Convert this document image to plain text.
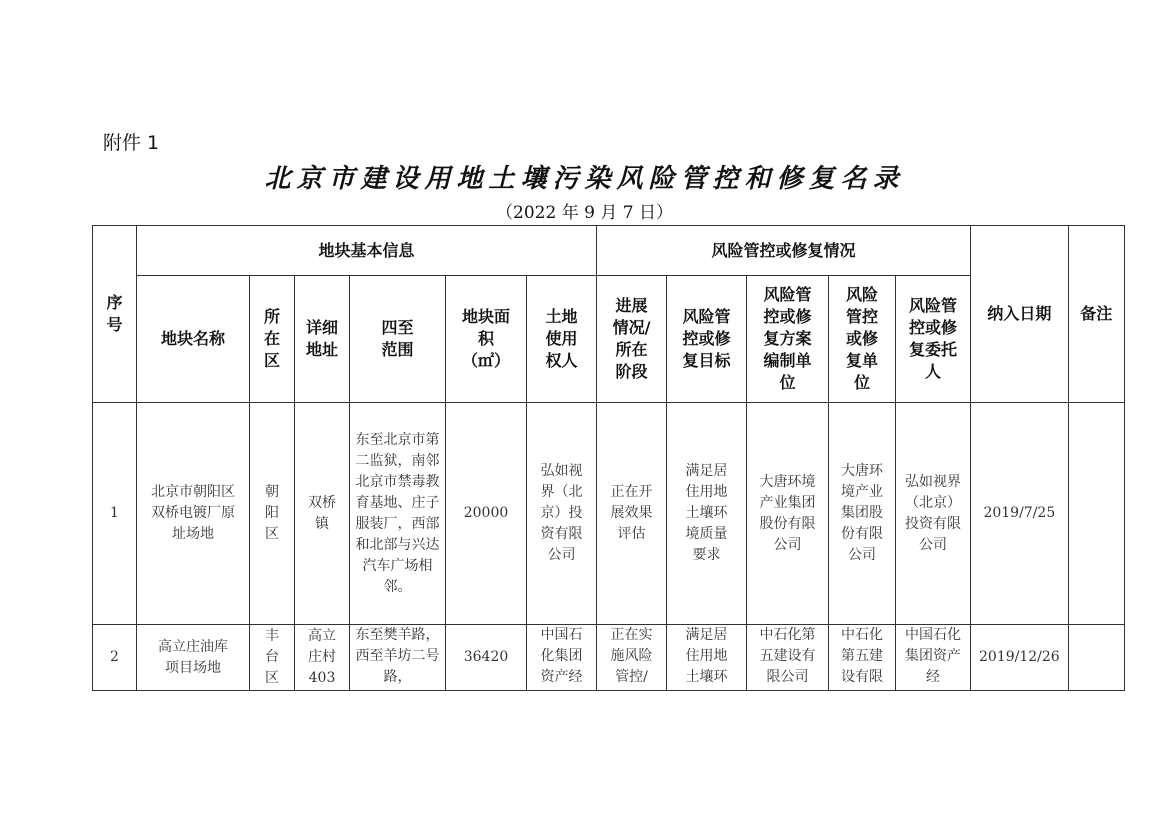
附件 1
北京市建设用地土壤污染风险管控和修复名录
（2022 年 9 月 7 日）
序号	地块基本信息						风险管控或修复情况					纳入日期	备注
	地块名称	所在区	详细地址	四至范围	地块面积（㎡）	土地使用权人	进展情况/所在阶段	风险管控或修复目标	风险管控或修复方案编制单位	风险管控或修复单位	风险管控或修复委托人		
1	北京市朝阳区双桥电镀厂原址场地	朝阳区	双桥镇	东至北京市第二监狱，南邻北京市禁毒教育基地、庄子服装厂，西部和北部与兴达汽车广场相邻。	20000	弘如视界（北京）投资有限公司	正在开展效果评估	满足居住用地土壤环境质量要求	大唐环境产业集团股份有限公司	大唐环境产业集团股份有限公司	弘如视界（北京）投资有限公司	2019/7/25	
2	高立庄油库项目场地	丰台区	高立庄村403	东至樊羊路，西至羊坊二号路，	36420	中国石化集团资产经	正在实施风险管控/	满足居住用地土壤环	中石化第五建设有限公司	中石化第五建设有限	中国石化集团资产经	2019/12/26	
